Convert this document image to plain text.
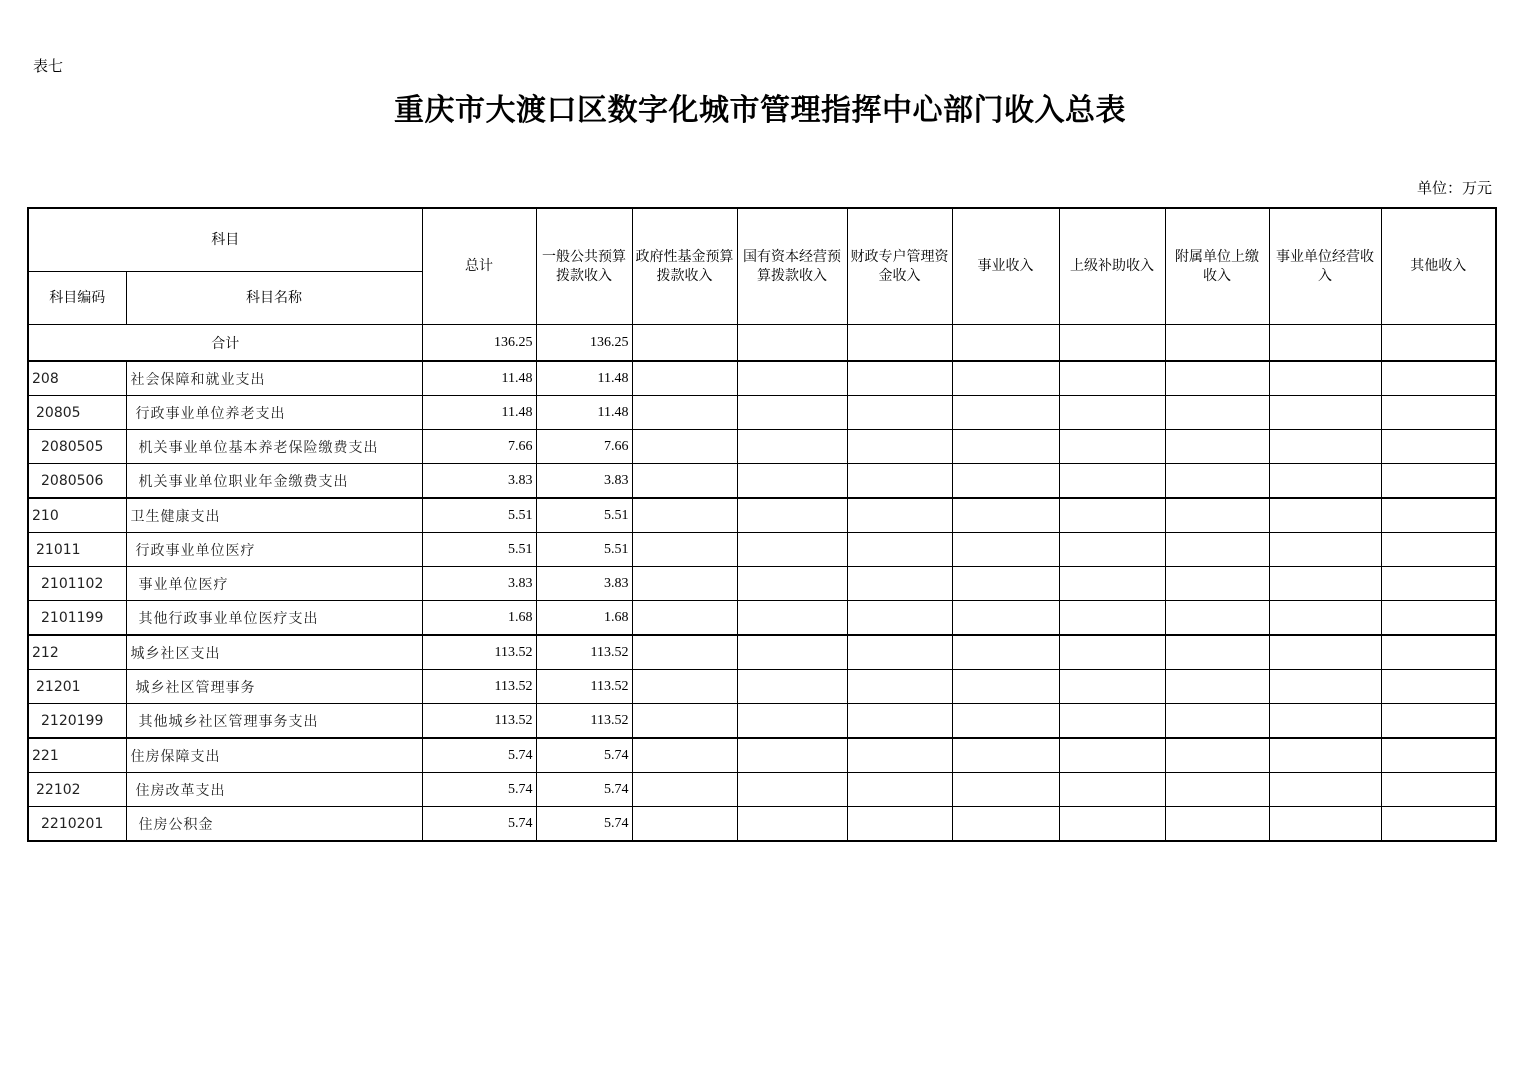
表七
重庆市大渡口区数字化城市管理指挥中心部门收入总表
单位：万元
科目		总计	一般公共预算拨款收入	政府性基金预算拨款收入	国有资本经营预算拨款收入	财政专户管理资金收入	事业收入	上级补助收入	附属单位上缴收入	事业单位经营收入	其他收入
科目编码	科目名称										
合计		136.25	136.25								
208	社会保障和就业支出	11.48	11.48								
20805	行政事业单位养老支出	11.48	11.48								
2080505	机关事业单位基本养老保险缴费支出	7.66	7.66								
2080506	机关事业单位职业年金缴费支出	3.83	3.83								
210	卫生健康支出	5.51	5.51								
21011	行政事业单位医疗	5.51	5.51								
2101102	事业单位医疗	3.83	3.83								
2101199	其他行政事业单位医疗支出	1.68	1.68								
212	城乡社区支出	113.52	113.52								
21201	城乡社区管理事务	113.52	113.52								
2120199	其他城乡社区管理事务支出	113.52	113.52								
221	住房保障支出	5.74	5.74								
22102	住房改革支出	5.74	5.74								
2210201	住房公积金	5.74	5.74								
